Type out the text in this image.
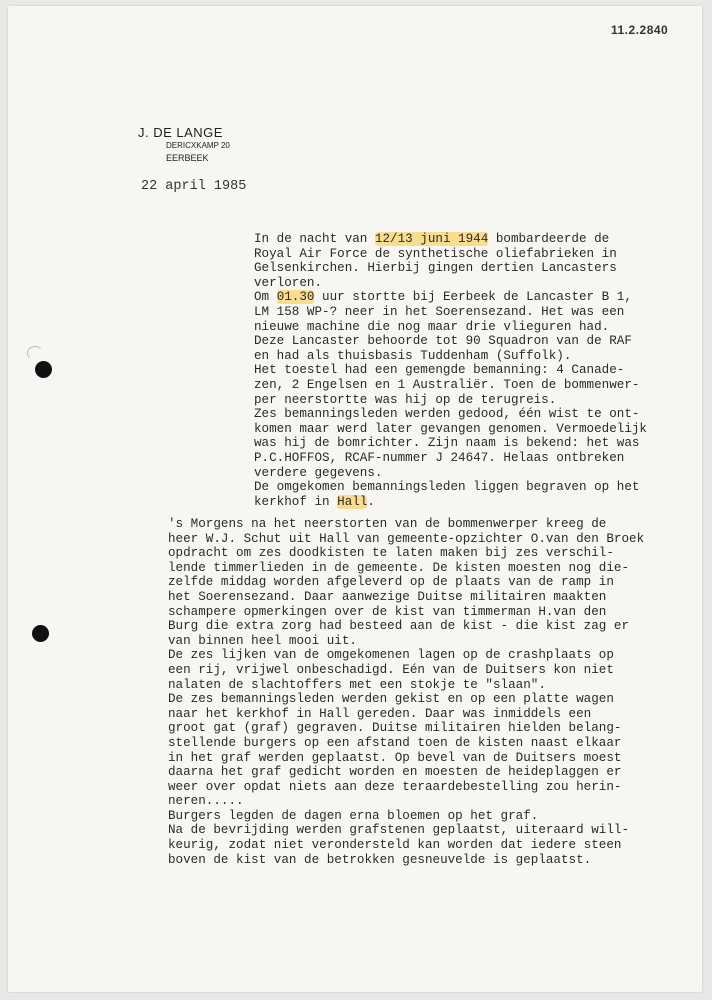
11.2.2840
J. DE LANGE
DERICXKAMP 20
EERBEEK
22 april 1985
In de nacht van 12/13 juni 1944 bombardeerde de
Royal Air Force de synthetische oliefabrieken in
Gelsenkirchen. Hierbij gingen dertien Lancasters
verloren.
Om 01.30 uur stortte bij Eerbeek de Lancaster B 1,
LM 158 WP-? neer in het Soerensezand. Het was een
nieuwe machine die nog maar drie vlieguren had.
Deze Lancaster behoorde tot 90 Squadron van de RAF
en had als thuisbasis Tuddenham (Suffolk).
Het toestel had een gemengde bemanning: 4 Canade-
zen, 2 Engelsen en 1 Australiër. Toen de bommenwer-
per neerstortte was hij op de terugreis.
Zes bemanningsleden werden gedood, één wist te ont-
komen maar werd later gevangen genomen. Vermoedelijk
was hij de bomrichter. Zijn naam is bekend: het was
P.C.HOFFOS, RCAF-nummer J 24647. Helaas ontbreken
verdere gegevens.
De omgekomen bemanningsleden liggen begraven op het
kerkhof in Hall.
's Morgens na het neerstorten van de bommenwerper kreeg de
heer W.J. Schut uit Hall van gemeente-opzichter O.van den Broek
opdracht om zes doodkisten te laten maken bij zes verschil-
lende timmerlieden in de gemeente. De kisten moesten nog die-
zelfde middag worden afgeleverd op de plaats van de ramp in
het Soerensezand. Daar aanwezige Duitse militairen maakten
schampere opmerkingen over de kist van timmerman H.van den
Burg die extra zorg had besteed aan de kist - die kist zag er
van binnen heel mooi uit.
De zes lijken van de omgekomenen lagen op de crashplaats op
een rij, vrijwel onbeschadigd. Eén van de Duitsers kon niet
nalaten de slachtoffers met een stokje te "slaan".
De zes bemanningsleden werden gekist en op een platte wagen
naar het kerkhof in Hall gereden. Daar was inmiddels een
groot gat (graf) gegraven. Duitse militairen hielden belang-
stellende burgers op een afstand toen de kisten naast elkaar
in het graf werden geplaatst. Op bevel van de Duitsers moest
daarna het graf gedicht worden en moesten de heideplaggen er
weer over opdat niets aan deze teraardebestelling zou herin-
neren.....
Burgers legden de dagen erna bloemen op het graf.
Na de bevrijding werden grafstenen geplaatst, uiteraard will-
keurig, zodat niet verondersteld kan worden dat iedere steen
boven de kist van de betrokken gesneuvelde is geplaatst.
